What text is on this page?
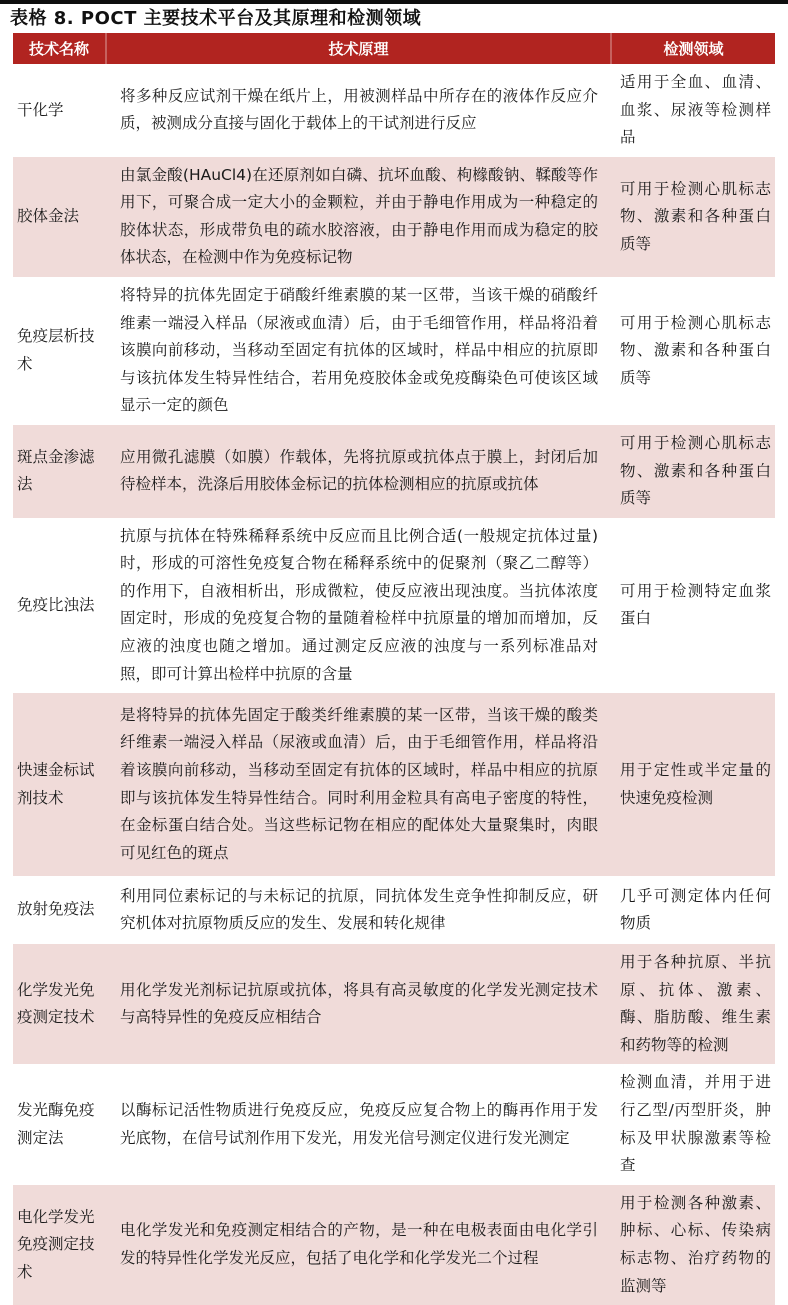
表格 8. POCT 主要技术平台及其原理和检测领域
技术名称	技术原理	检测领域
干化学
将多种反应试剂干燥在纸片上，用被测样品中所存在的液体作反应介质，被测成分直接与固化于载体上的干试剂进行反应
适用于全血、血清、血浆、尿液等检测样品
胶体金法
由氯金酸(HAuCl4)在还原剂如白磷、抗坏血酸、枸橼酸钠、鞣酸等作用下，可聚合成一定大小的金颗粒，并由于静电作用成为一种稳定的胶体状态，形成带负电的疏水胶溶液，由于静电作用而成为稳定的胶体状态，在检测中作为免疫标记物
可用于检测心肌标志物、激素和各种蛋白质等
免疫层析技术
将特异的抗体先固定于硝酸纤维素膜的某一区带，当该干燥的硝酸纤维素一端浸入样品（尿液或血清）后，由于毛细管作用，样品将沿着该膜向前移动，当移动至固定有抗体的区域时，样品中相应的抗原即与该抗体发生特异性结合，若用免疫胶体金或免疫酶染色可使该区域显示一定的颜色
可用于检测心肌标志物、激素和各种蛋白质等
斑点金渗滤法
应用微孔滤膜（如膜）作载体，先将抗原或抗体点于膜上，封闭后加待检样本，洗涤后用胶体金标记的抗体检测相应的抗原或抗体
可用于检测心肌标志物、激素和各种蛋白质等
免疫比浊法
抗原与抗体在特殊稀释系统中反应而且比例合适(一般规定抗体过量)时，形成的可溶性免疫复合物在稀释系统中的促聚剂（聚乙二醇等）的作用下，自液相析出，形成微粒，使反应液出现浊度。当抗体浓度固定时，形成的免疫复合物的量随着检样中抗原量的增加而增加，反应液的浊度也随之增加。通过测定反应液的浊度与一系列标准品对照，即可计算出检样中抗原的含量
可用于检测特定血浆蛋白
快速金标试剂技术
是将特异的抗体先固定于酸类纤维素膜的某一区带，当该干燥的酸类纤维素一端浸入样品（尿液或血清）后，由于毛细管作用，样品将沿着该膜向前移动，当移动至固定有抗体的区域时，样品中相应的抗原即与该抗体发生特异性结合。同时利用金粒具有高电子密度的特性，在金标蛋白结合处。当这些标记物在相应的配体处大量聚集时，肉眼可见红色的斑点
用于定性或半定量的快速免疫检测
放射免疫法
利用同位素标记的与未标记的抗原，同抗体发生竞争性抑制反应，研究机体对抗原物质反应的发生、发展和转化规律
几乎可测定体内任何物质
化学发光免疫测定技术
用化学发光剂标记抗原或抗体，将具有高灵敏度的化学发光测定技术与高特异性的免疫反应相结合
用于各种抗原、半抗原、抗体、激素、酶、脂肪酸、维生素和药物等的检测
发光酶免疫测定法
以酶标记活性物质进行免疫反应，免疫反应复合物上的酶再作用于发光底物，在信号试剂作用下发光，用发光信号测定仪进行发光测定
检测血清，并用于进行乙型/丙型肝炎，肿标及甲状腺激素等检查
电化学发光免疫测定技术
电化学发光和免疫测定相结合的产物，是一种在电极表面由电化学引发的特异性化学发光反应，包括了电化学和化学发光二个过程
用于检测各种激素、肿标、心标、传染病标志物、治疗药物的监测等
